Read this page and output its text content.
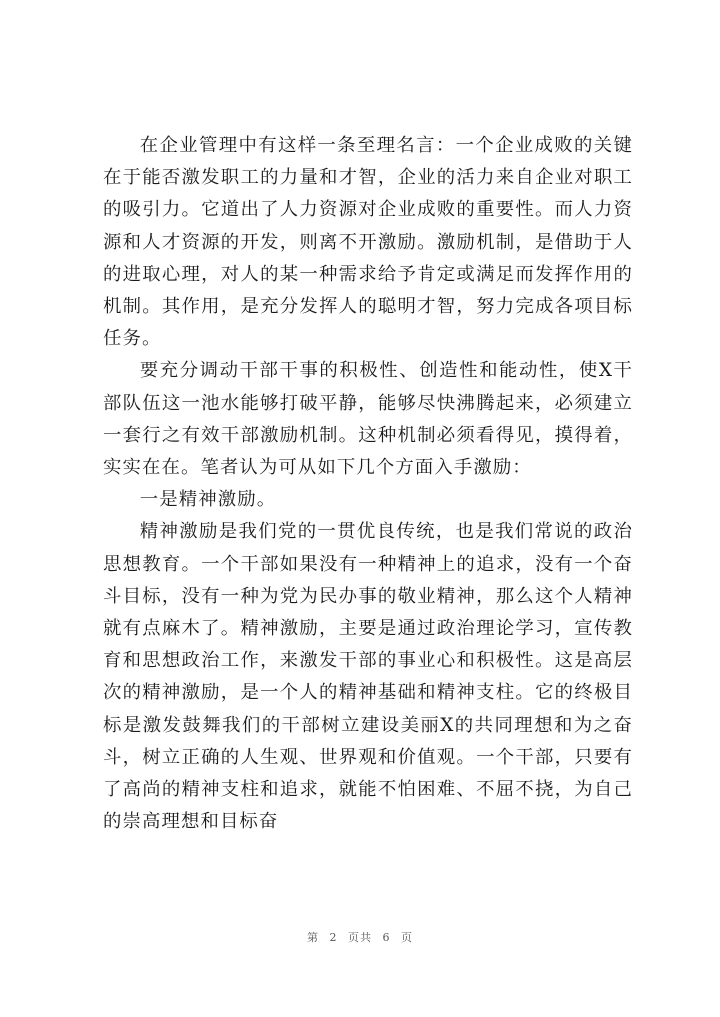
在企业管理中有这样一条至理名言：一个企业成败的关键在于能否激发职工的力量和才智，企业的活力来自企业对职工的吸引力。它道出了人力资源对企业成败的重要性。而人力资源和人才资源的开发，则离不开激励。激励机制，是借助于人的进取心理，对人的某一种需求给予肯定或满足而发挥作用的机制。其作用，是充分发挥人的聪明才智，努力完成各项目标任务。

要充分调动干部干事的积极性、创造性和能动性，使X干部队伍这一池水能够打破平静，能够尽快沸腾起来，必须建立一套行之有效干部激励机制。这种机制必须看得见，摸得着，实实在在。笔者认为可从如下几个方面入手激励：

一是精神激励。

精神激励是我们党的一贯优良传统，也是我们常说的政治思想教育。一个干部如果没有一种精神上的追求，没有一个奋斗目标，没有一种为党为民办事的敬业精神，那么这个人精神就有点麻木了。精神激励，主要是通过政治理论学习，宣传教育和思想政治工作，来激发干部的事业心和积极性。这是高层次的精神激励，是一个人的精神基础和精神支柱。它的终极目标是激发鼓舞我们的干部树立建设美丽X的共同理想和为之奋斗，树立正确的人生观、世界观和价值观。一个干部，只要有了高尚的精神支柱和追求，就能不怕困难、不屈不挠，为自己的崇高理想和目标奋

第 2 页共 6 页
